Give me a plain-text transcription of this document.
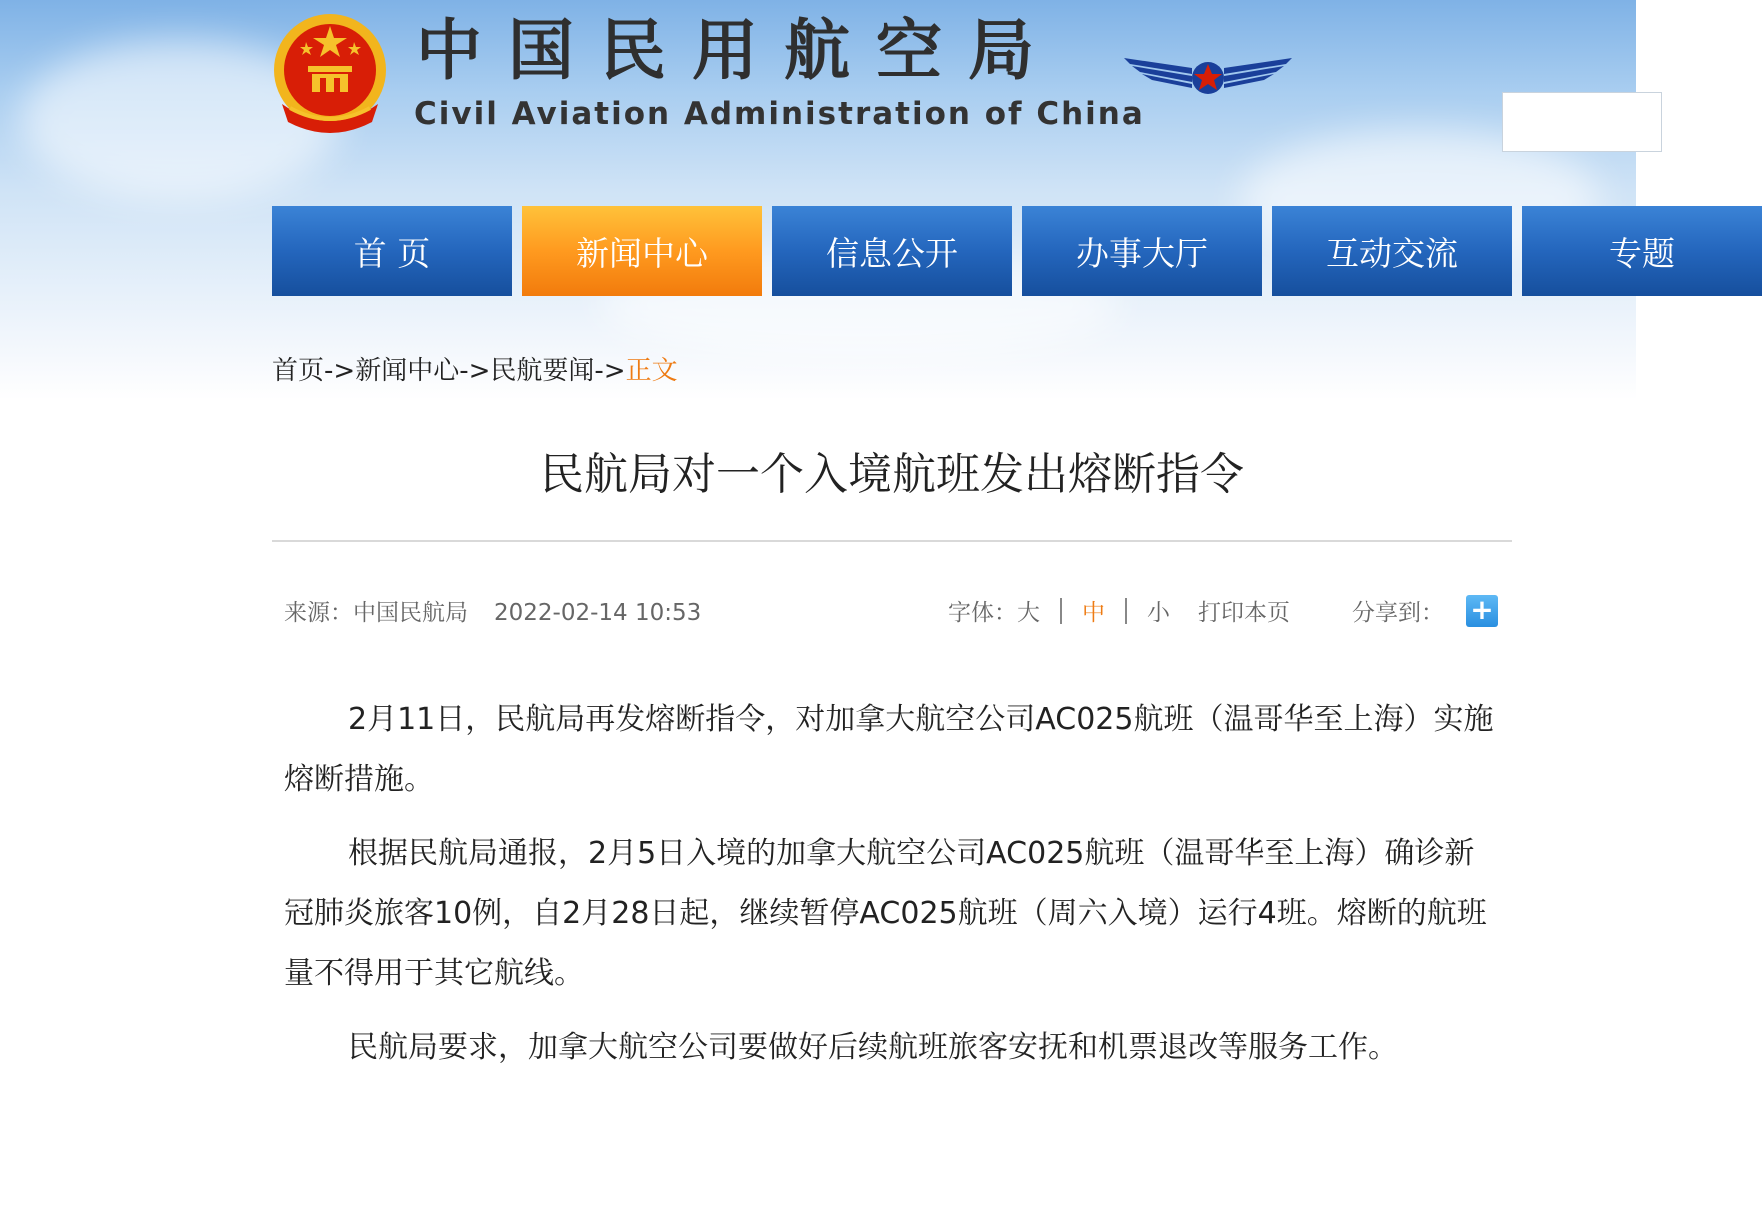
中国民用航空局
Civil Aviation Administration of China
首 页	新闻中心	信息公开	办事大厅	互动交流	专题
首页->新闻中心->民航要闻->正文
民航局对一个入境航班发出熔断指令
来源：中国民航局 2022-02-14 10:53	字体： 大 中 小 打印本页	分享到： +

2月11日，民航局再发熔断指令，对加拿大航空公司AC025航班（温哥华至上海）实施熔断措施。

根据民航局通报，2月5日入境的加拿大航空公司AC025航班（温哥华至上海）确诊新冠肺炎旅客10例，自2月28日起，继续暂停AC025航班（周六入境）运行4班。熔断的航班量不得用于其它航线。

民航局要求，加拿大航空公司要做好后续航班旅客安抚和机票退改等服务工作。
